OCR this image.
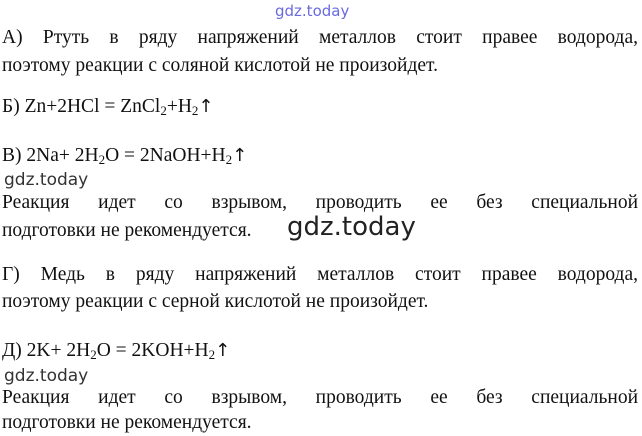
gdz.today
А) Ртуть в ряду напряжений металлов стоит правее водорода,
поэтому реакции с соляной кислотой не произойдет.
Б) $Zn+2HCl = ZnCl_2+H_2↑$
В) $2Na+ 2H_2O$ = $2NaOH+H_2↑$
gdz.today
Реакция идет со взрывом, проводить ее без специальной
подготовки не рекомендуется. gdz.today
Г) Медь в ряду напряжений металлов стоит правее водорода,
поэтому реакции с серной кислотой не произойдет.
Д) $2K+ 2H_2O$ = $2KOH+H_2↑$
gdz.today
Реакция идет со взрывом, проводить ее без специальной
подготовки не рекомендуется.
